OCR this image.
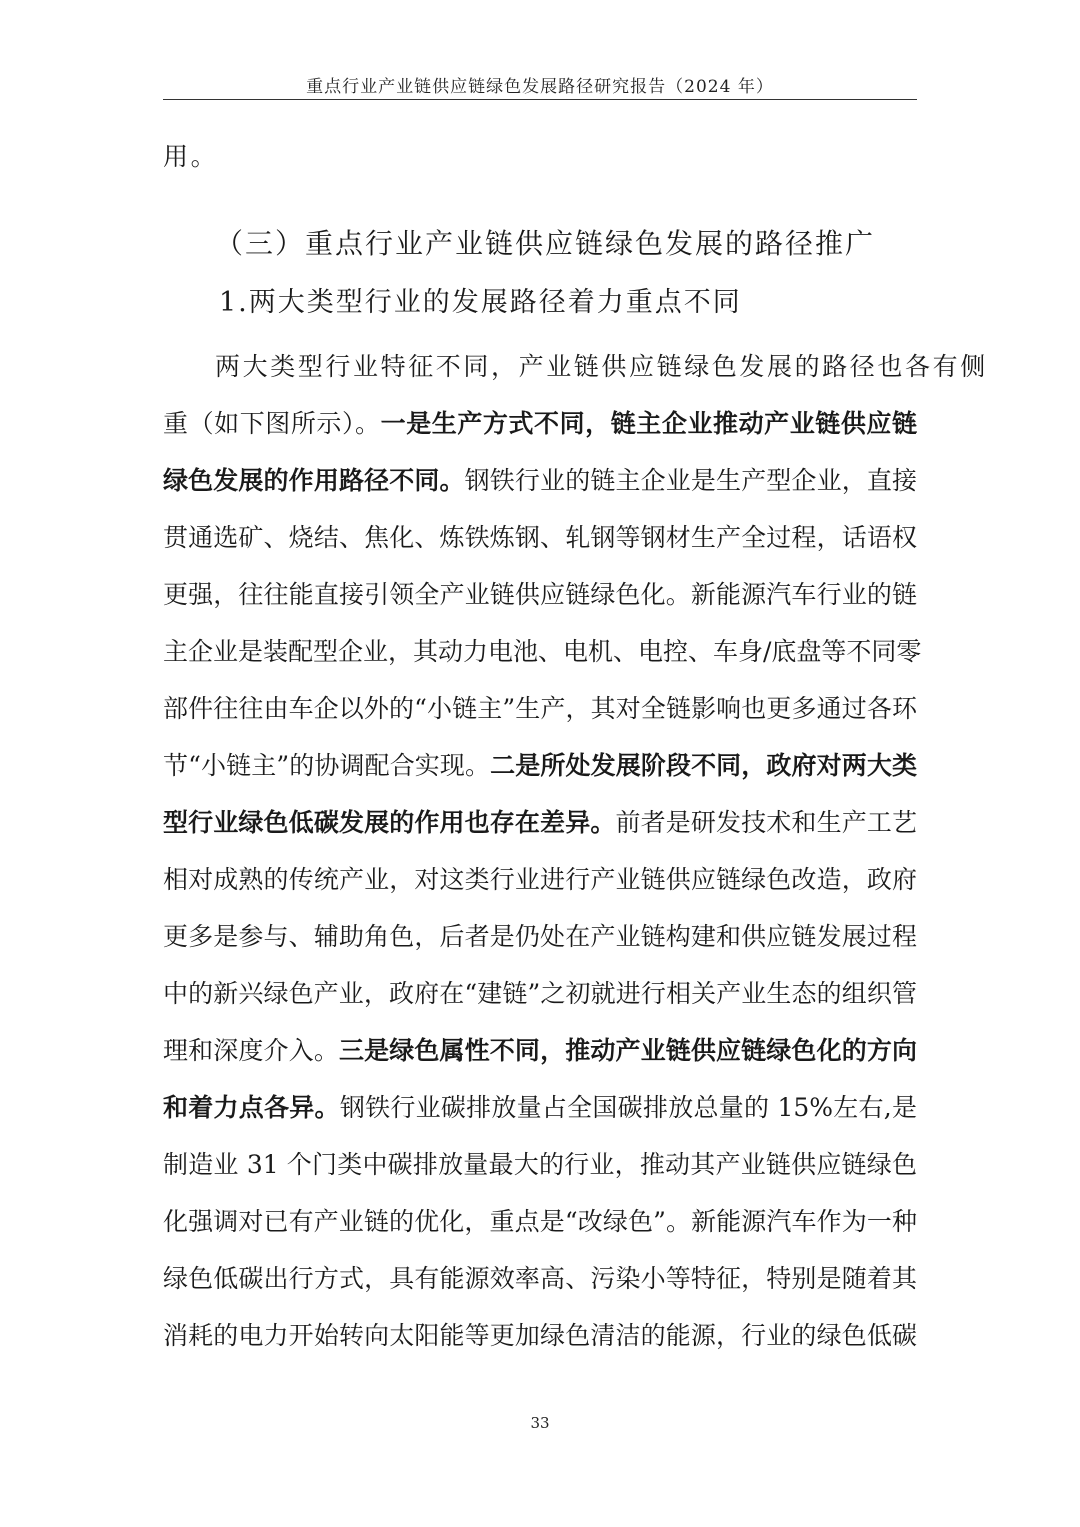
重点行业产业链供应链绿色发展路径研究报告（2024 年）
用。
（三）重点行业产业链供应链绿色发展的路径推广
1.两大类型行业的发展路径着力重点不同
两大类型行业特征不同，产业链供应链绿色发展的路径也各有侧
重（如下图所示）。一是生产方式不同，链主企业推动产业链供应链
绿色发展的作用路径不同。钢铁行业的链主企业是生产型企业，直接
贯通选矿、烧结、焦化、炼铁炼钢、轧钢等钢材生产全过程，话语权
更强，往往能直接引领全产业链供应链绿色化。新能源汽车行业的链
主企业是装配型企业，其动力电池、电机、电控、车身/底盘等不同零
部件往往由车企以外的“小链主”生产，其对全链影响也更多通过各环
节“小链主”的协调配合实现。二是所处发展阶段不同，政府对两大类
型行业绿色低碳发展的作用也存在差异。前者是研发技术和生产工艺
相对成熟的传统产业，对这类行业进行产业链供应链绿色改造，政府
更多是参与、辅助角色，后者是仍处在产业链构建和供应链发展过程
中的新兴绿色产业，政府在“建链”之初就进行相关产业生态的组织管
理和深度介入。三是绿色属性不同，推动产业链供应链绿色化的方向
和着力点各异。钢铁行业碳排放量占全国碳排放总量的 15%左右,是
制造业 31 个门类中碳排放量最大的行业，推动其产业链供应链绿色
化强调对已有产业链的优化，重点是“改绿色”。新能源汽车作为一种
绿色低碳出行方式，具有能源效率高、污染小等特征，特别是随着其
消耗的电力开始转向太阳能等更加绿色清洁的能源，行业的绿色低碳
33
